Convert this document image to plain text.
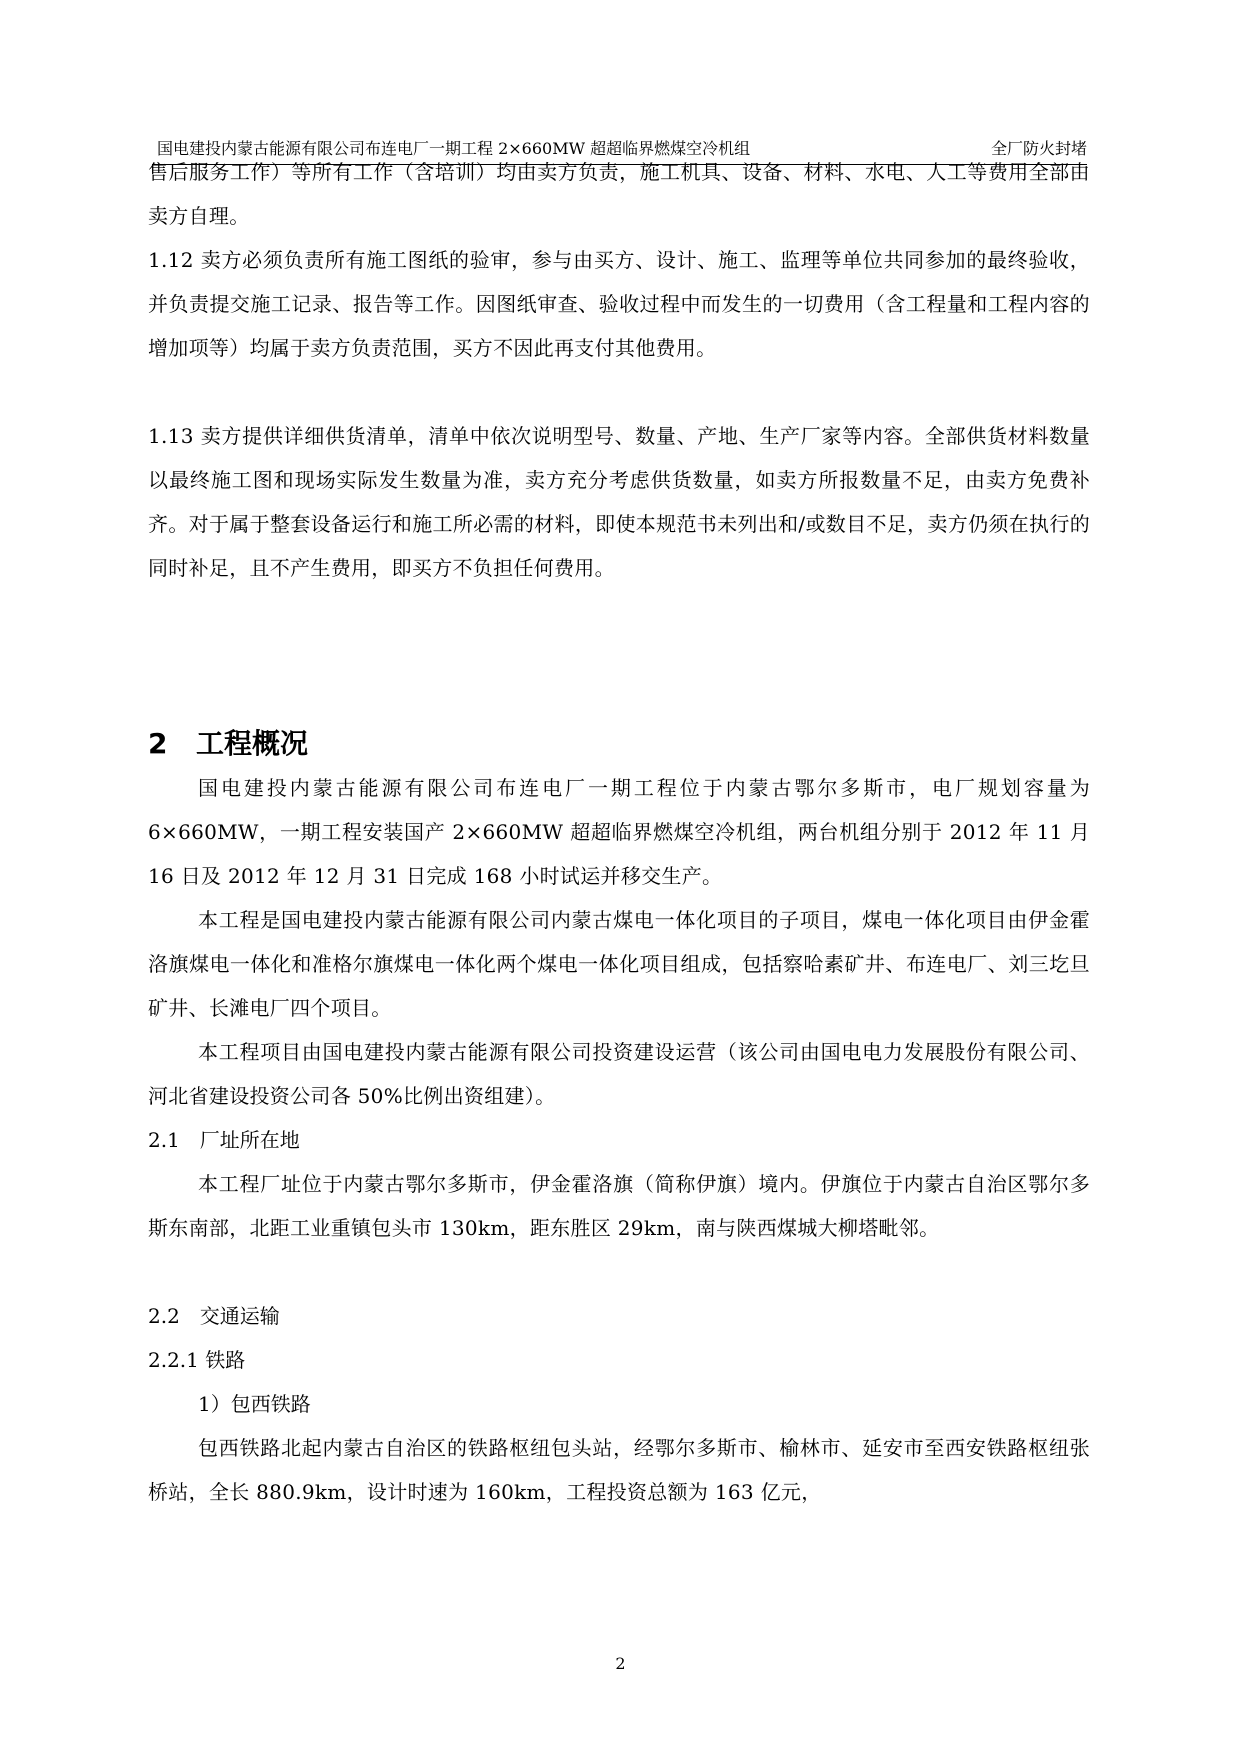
国电建投内蒙古能源有限公司布连电厂一期工程 2×660MW 超超临界燃煤空冷机组	全厂防火封堵
售后服务工作）等所有工作（含培训）均由卖方负责，施工机具、设备、材料、水电、人工等费用全部由卖方自理。
1.12 卖方必须负责所有施工图纸的验审，参与由买方、设计、施工、监理等单位共同参加的最终验收，并负责提交施工记录、报告等工作。因图纸审查、验收过程中而发生的一切费用（含工程量和工程内容的增加项等）均属于卖方负责范围，买方不因此再支付其他费用。
1.13 卖方提供详细供货清单，清单中依次说明型号、数量、产地、生产厂家等内容。全部供货材料数量以最终施工图和现场实际发生数量为准，卖方充分考虑供货数量，如卖方所报数量不足，由卖方免费补齐。对于属于整套设备运行和施工所必需的材料，即使本规范书未列出和/或数目不足，卖方仍须在执行的同时补足，且不产生费用，即买方不负担任何费用。
2 工程概况
国电建投内蒙古能源有限公司布连电厂一期工程位于内蒙古鄂尔多斯市，电厂规划容量为 6×660MW，一期工程安装国产 2×660MW 超超临界燃煤空冷机组，两台机组分别于 2012 年 11 月 16 日及 2012 年 12 月 31 日完成 168 小时试运并移交生产。
本工程是国电建投内蒙古能源有限公司内蒙古煤电一体化项目的子项目，煤电一体化项目由伊金霍洛旗煤电一体化和准格尔旗煤电一体化两个煤电一体化项目组成，包括察哈素矿井、布连电厂、刘三圪旦矿井、长滩电厂四个项目。
本工程项目由国电建投内蒙古能源有限公司投资建设运营（该公司由国电电力发展股份有限公司、河北省建设投资公司各 50%比例出资组建）。
2.1　厂址所在地
本工程厂址位于内蒙古鄂尔多斯市，伊金霍洛旗（简称伊旗）境内。伊旗位于内蒙古自治区鄂尔多斯东南部，北距工业重镇包头市 130km，距东胜区 29km，南与陕西煤城大柳塔毗邻。
2.2　交通运输
2.2.1 铁路
1）包西铁路
包西铁路北起内蒙古自治区的铁路枢纽包头站，经鄂尔多斯市、榆林市、延安市至西安铁路枢纽张桥站，全长 880.9km，设计时速为 160km，工程投资总额为 163 亿元，
2
